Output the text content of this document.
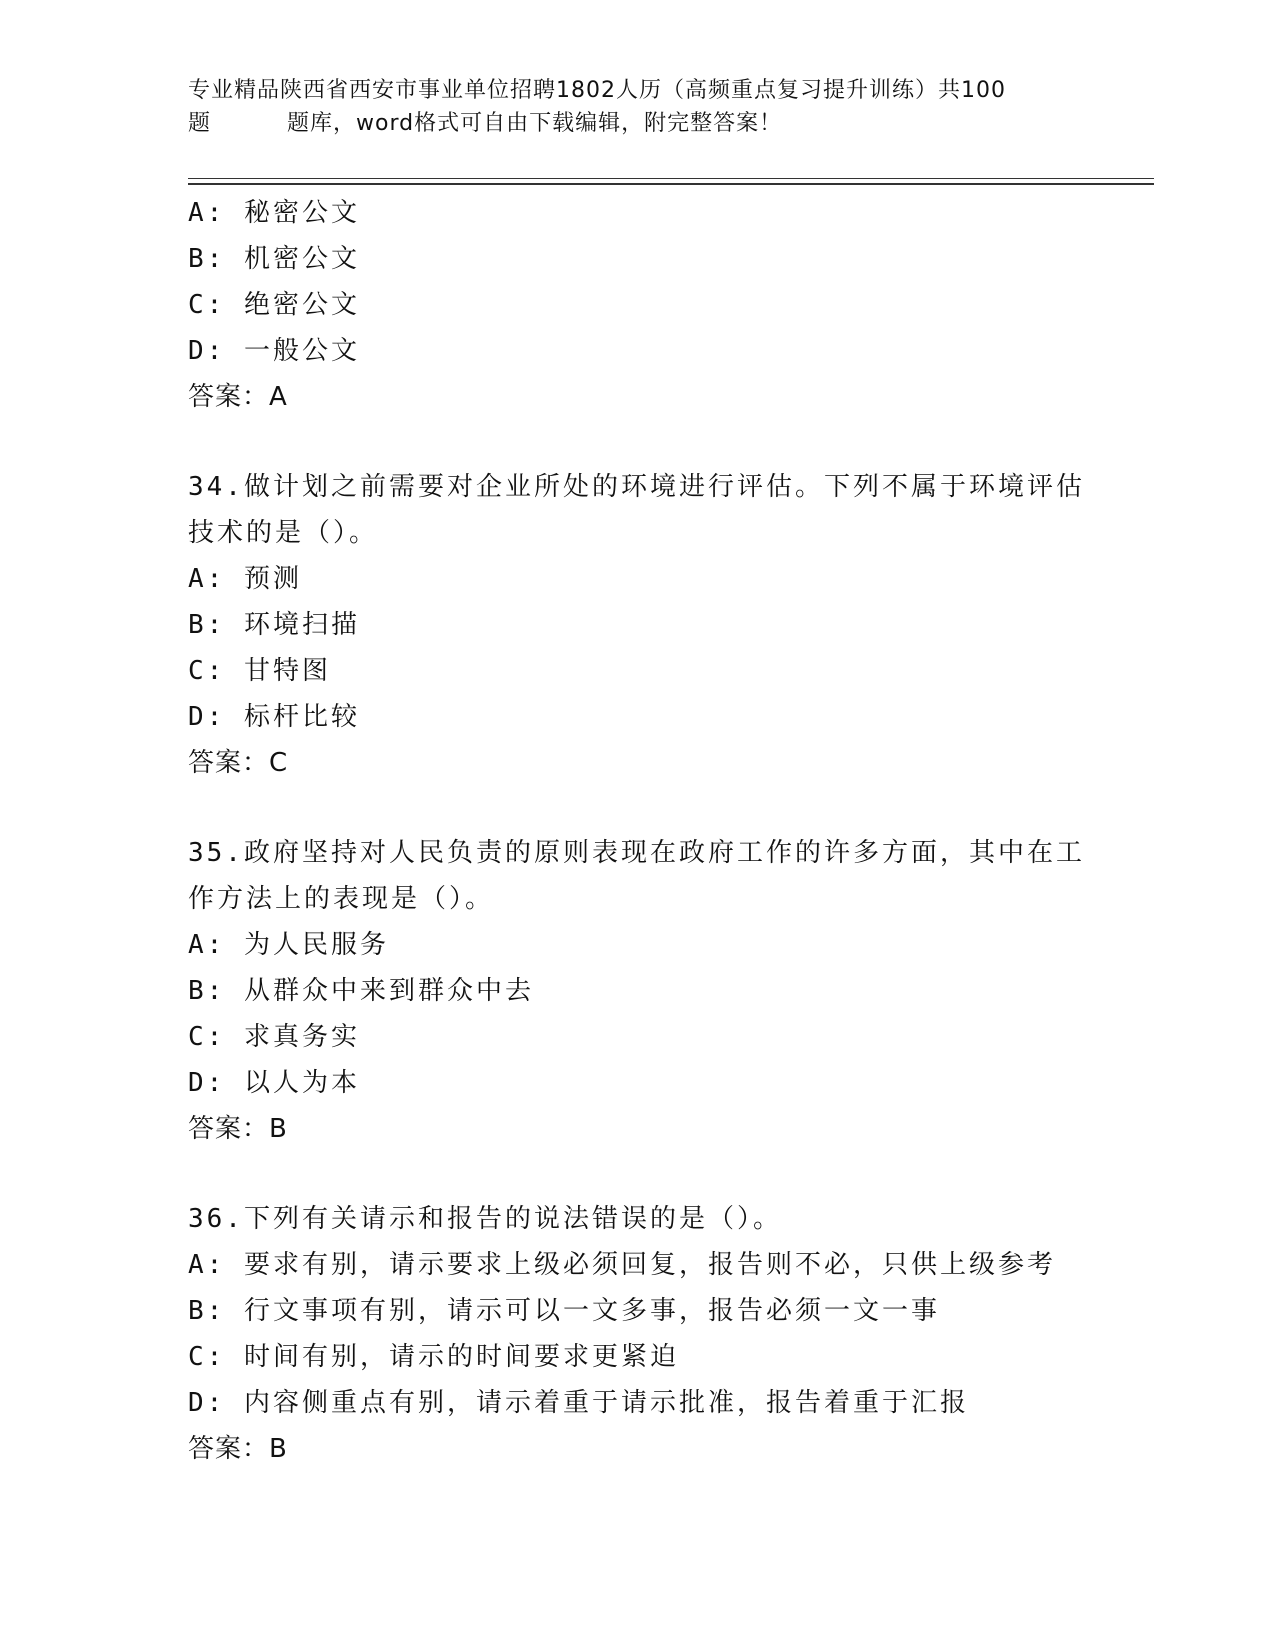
专业精品陕西省西安市事业单位招聘1802人历（高频重点复习提升训练）共100
题	题库，word格式可自由下载编辑，附完整答案！
A: 秘密公文
B: 机密公文
C: 绝密公文
D: 一般公文
答案：A
34.做计划之前需要对企业所处的环境进行评估。下列不属于环境评估
技术的是（）。
A: 预测
B: 环境扫描
C: 甘特图
D: 标杆比较
答案：C
35.政府坚持对人民负责的原则表现在政府工作的许多方面，其中在工
作方法上的表现是（）。
A: 为人民服务
B: 从群众中来到群众中去
C: 求真务实
D: 以人为本
答案：B
36.下列有关请示和报告的说法错误的是（）。
A: 要求有别，请示要求上级必须回复，报告则不必，只供上级参考
B: 行文事项有别，请示可以一文多事，报告必须一文一事
C: 时间有别，请示的时间要求更紧迫
D: 内容侧重点有别，请示着重于请示批准，报告着重于汇报
答案：B
